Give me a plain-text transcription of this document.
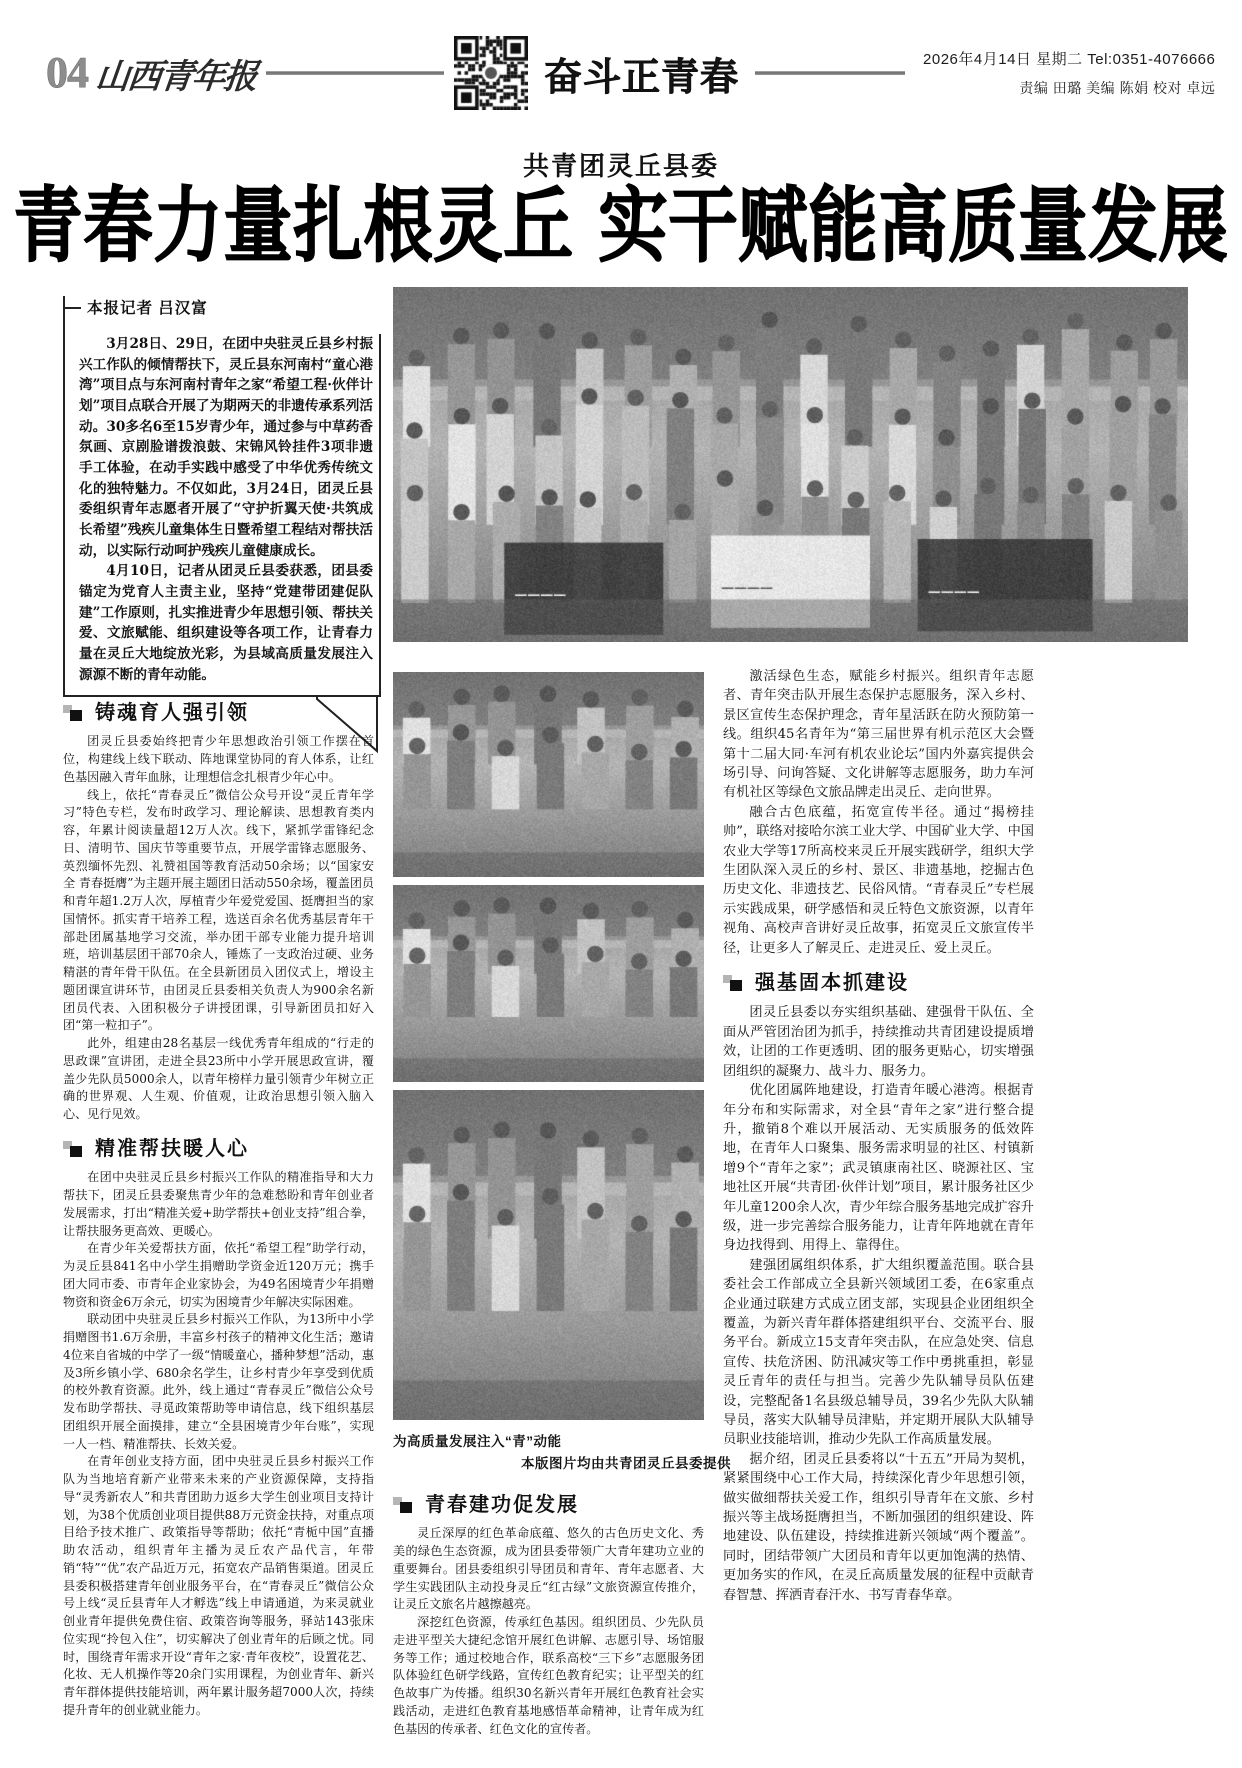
04 山西青年报	奋斗正青春	2026年4月14日 星期二 Tel:0351-4076666
责编 田璐 美编 陈娟 校对 卓远
共青团灵丘县委
青春力量扎根灵丘 实干赋能高质量发展
本报记者 吕汉富

3月28日、29日，在团中央驻灵丘县乡村振兴工作队的倾情帮扶下，灵丘县东河南村“童心港湾”项目点与东河南村青年之家“希望工程·伙伴计划”项目点联合开展了为期两天的非遗传承系列活动。30多名6至15岁青少年，通过参与中草药香氛画、京剧脸谱拨浪鼓、宋锦风铃挂件3项非遗手工体验，在动手实践中感受了中华优秀传统文化的独特魅力。不仅如此，3月24日，团灵丘县委组织青年志愿者开展了“守护折翼天使·共筑成长希望”残疾儿童集体生日暨希望工程结对帮扶活动，以实际行动呵护残疾儿童健康成长。

4月10日，记者从团灵丘县委获悉，团县委锚定为党育人主责主业，坚持“党建带团建促队建”工作原则，扎实推进青少年思想引领、帮扶关爱、文旅赋能、组织建设等各项工作，让青春力量在灵丘大地绽放光彩，为县域高质量发展注入源源不断的青年动能。

铸魂育人强引领

团灵丘县委始终把青少年思想政治引领工作摆在首位，构建线上线下联动、阵地课堂协同的育人体系，让红色基因融入青年血脉，让理想信念扎根青少年心中。

线上，依托“青春灵丘”微信公众号开设“灵丘青年学习”特色专栏，发布时政学习、理论解读、思想教育类内容，年累计阅读量超12万人次。线下，紧抓学雷锋纪念日、清明节、国庆节等重要节点，开展学雷锋志愿服务、英烈缅怀先烈、礼赞祖国等教育活动50余场；以“国家安全 青春挺膺”为主题开展主题团日活动550余场，覆盖团员和青年超1.2万人次，厚植青少年爱党爱国、挺膺担当的家国情怀。抓实青干培养工程，选送百余名优秀基层青年干部赴团属基地学习交流，举办团干部专业能力提升培训班，培训基层团干部70余人，锤炼了一支政治过硬、业务精湛的青年骨干队伍。在全县新团员入团仪式上，增设主题团课宣讲环节，由团灵丘县委相关负责人为900余名新团员代表、入团积极分子讲授团课，引导新团员扣好入团“第一粒扣子”。

此外，组建由28名基层一线优秀青年组成的“行走的思政课”宣讲团，走进全县23所中小学开展思政宣讲，覆盖少先队员5000余人，以青年榜样力量引领青少年树立正确的世界观、人生观、价值观，让政治思想引领入脑入心、见行见效。

精准帮扶暖人心

在团中央驻灵丘县乡村振兴工作队的精准指导和大力帮扶下，团灵丘县委聚焦青少年的急难愁盼和青年创业者发展需求，打出“精准关爱+助学帮扶+创业支持”组合拳，让帮扶服务更高效、更暖心。

在青少年关爱帮扶方面，依托“希望工程”助学行动，为灵丘县841名中小学生捐赠助学资金近120万元；携手团大同市委、市青年企业家协会，为49名困境青少年捐赠物资和资金6万余元，切实为困境青少年解决实际困难。

联动团中央驻灵丘县乡村振兴工作队，为13所中小学捐赠图书1.6万余册，丰富乡村孩子的精神文化生活；邀请4位来自省城的中学了一级“情暖童心，播种梦想”活动，惠及3所乡镇小学、680余名学生，让乡村青少年享受到优质的校外教育资源。此外，线上通过“青春灵丘”微信公众号发布助学帮扶、寻觅政策帮助等申请信息，线下组织基层团组织开展全面摸排，建立“全县困境青少年台账”，实现一人一档、精准帮扶、长效关爱。

在青年创业支持方面，团中央驻灵丘县乡村振兴工作队为当地培育新产业带来未来的产业资源保障，支持指导“灵秀新农人”和共青团助力返乡大学生创业项目支持计划，为38个优质创业项目提供88万元资金扶持，对重点项目给予技术推广、政策指导等帮助；依托“青栀中国”直播助农活动，组织青年主播为灵丘农产品代言，年带销“特”“优”农产品近万元，拓宽农产品销售渠道。团灵丘县委积极搭建青年创业服务平台，在“青春灵丘”微信公众号上线“灵丘县青年人才孵选”线上申请通道，为来灵就业创业青年提供免费住宿、政策咨询等服务，驿站143张床位实现“拎包入住”，切实解决了创业青年的后顾之忧。同时，围绕青年需求开设“青年之家·青年夜校”，设置花艺、化妆、无人机操作等20余门实用课程，为创业青年、新兴青年群体提供技能培训，两年累计服务超7000人次，持续提升青年的创业就业能力。

青春建功促发展

灵丘深厚的红色革命底蕴、悠久的古色历史文化、秀美的绿色生态资源，成为团县委带领广大青年建功立业的重要舞台。团县委组织引导团员和青年、青年志愿者、大学生实践团队主动投身灵丘“红古绿”文旅资源宣传推介，让灵丘文旅名片越擦越亮。

深挖红色资源，传承红色基因。组织团员、少先队员走进平型关大捷纪念馆开展红色讲解、志愿引导、场馆服务等工作；通过校地合作，联系高校“三下乡”志愿服务团队体验红色研学线路，宣传红色教育纪实；让平型关的红色故事广为传播。组织30名新兴青年开展红色教育社会实践活动，走进红色教育基地感悟革命精神，让青年成为红色基因的传承者、红色文化的宣传者。

激活绿色生态，赋能乡村振兴。组织青年志愿者、青年突击队开展生态保护志愿服务，深入乡村、景区宣传生态保护理念，青年星活跃在防火预防第一线。组织45名青年为“第三届世界有机示范区大会暨第十二届大同·车河有机农业论坛”国内外嘉宾提供会场引导、问询答疑、文化讲解等志愿服务，助力车河有机社区等绿色文旅品牌走出灵丘、走向世界。

融合古色底蕴，拓宽宣传半径。通过“揭榜挂帅”，联络对接哈尔滨工业大学、中国矿业大学、中国农业大学等17所高校来灵丘开展实践研学，组织大学生团队深入灵丘的乡村、景区、非遗基地，挖掘古色历史文化、非遗技艺、民俗风情。“青春灵丘”专栏展示实践成果，研学感悟和灵丘特色文旅资源，以青年视角、高校声音讲好灵丘故事，拓宽灵丘文旅宣传半径，让更多人了解灵丘、走进灵丘、爱上灵丘。

强基固本抓建设

团灵丘县委以夯实组织基础、建强骨干队伍、全面从严管团治团为抓手，持续推动共青团建设提质增效，让团的工作更透明、团的服务更贴心，切实增强团组织的凝聚力、战斗力、服务力。

优化团属阵地建设，打造青年暖心港湾。根据青年分布和实际需求，对全县“青年之家”进行整合提升，撤销8个难以开展活动、无实质服务的低效阵地，在青年人口聚集、服务需求明显的社区、村镇新增9个“青年之家”；武灵镇康南社区、晓源社区、宝地社区开展“共青团·伙伴计划”项目，累计服务社区少年儿童1200余人次，青少年综合服务基地完成扩容升级，进一步完善综合服务能力，让青年阵地就在青年身边找得到、用得上、靠得住。

建强团属组织体系，扩大组织覆盖范围。联合县委社会工作部成立全县新兴领域团工委，在6家重点企业通过联建方式成立团支部，实现县企业团组织全覆盖，为新兴青年群体搭建组织平台、交流平台、服务平台。新成立15支青年突击队，在应急处突、信息宣传、扶危济困、防汛减灾等工作中勇挑重担，彰显灵丘青年的责任与担当。完善少先队辅导员队伍建设，完整配备1名县级总辅导员，39名少先队大队辅导员，落实大队辅导员津贴，并定期开展队大队辅导员职业技能培训，推动少先队工作高质量发展。

据介绍，团灵丘县委将以“十五五”开局为契机，紧紧围绕中心工作大局，持续深化青少年思想引领，做实做细帮扶关爱工作，组织引导青年在文旅、乡村振兴等主战场挺膺担当，不断加强团的组织建设、阵地建设、队伍建设，持续推进新兴领域“两个覆盖”。同时，团结带领广大团员和青年以更加饱满的热情、更加务实的作风，在灵丘高质量发展的征程中贡献青春智慧、挥洒青春汗水、书写青春华章。

为高质量发展注入“青”动能
本版图片均由共青团灵丘县委提供
